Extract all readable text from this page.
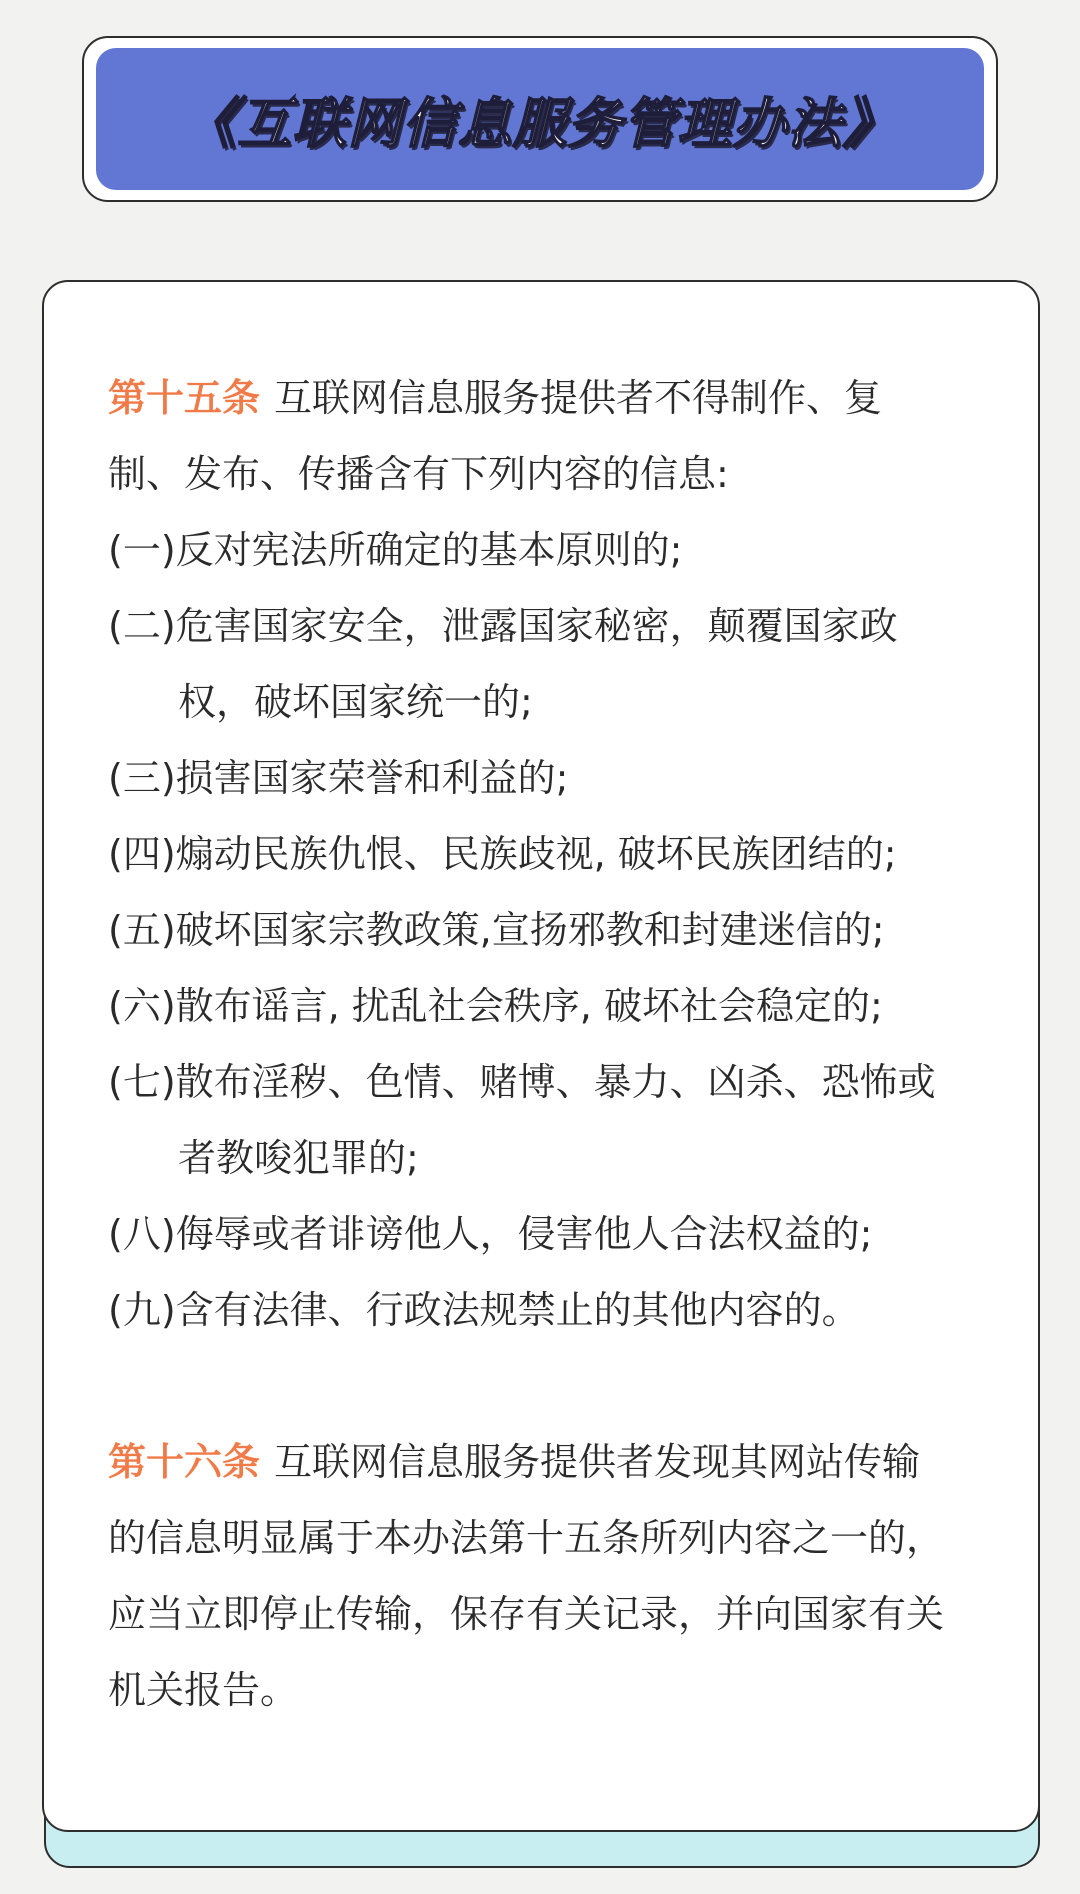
《互联网信息服务管理办法》
第十五条 互联网信息服务提供者不得制作、复制、发布、传播含有下列内容的信息:
(一)反对宪法所确定的基本原则的;
(二)危害国家安全，泄露国家秘密，颠覆国家政权，破坏国家统一的;
(三)损害国家荣誉和利益的;
(四)煽动民族仇恨、民族歧视, 破坏民族团结的;
(五)破坏国家宗教政策,宣扬邪教和封建迷信的;
(六)散布谣言, 扰乱社会秩序, 破坏社会稳定的;
(七)散布淫秽、色情、赌博、暴力、凶杀、恐怖或者教唆犯罪的;
(八)侮辱或者诽谤他人，侵害他人合法权益的;
(九)含有法律、行政法规禁止的其他内容的。
第十六条 互联网信息服务提供者发现其网站传输的信息明显属于本办法第十五条所列内容之一的，应当立即停止传输，保存有关记录，并向国家有关机关报告。
